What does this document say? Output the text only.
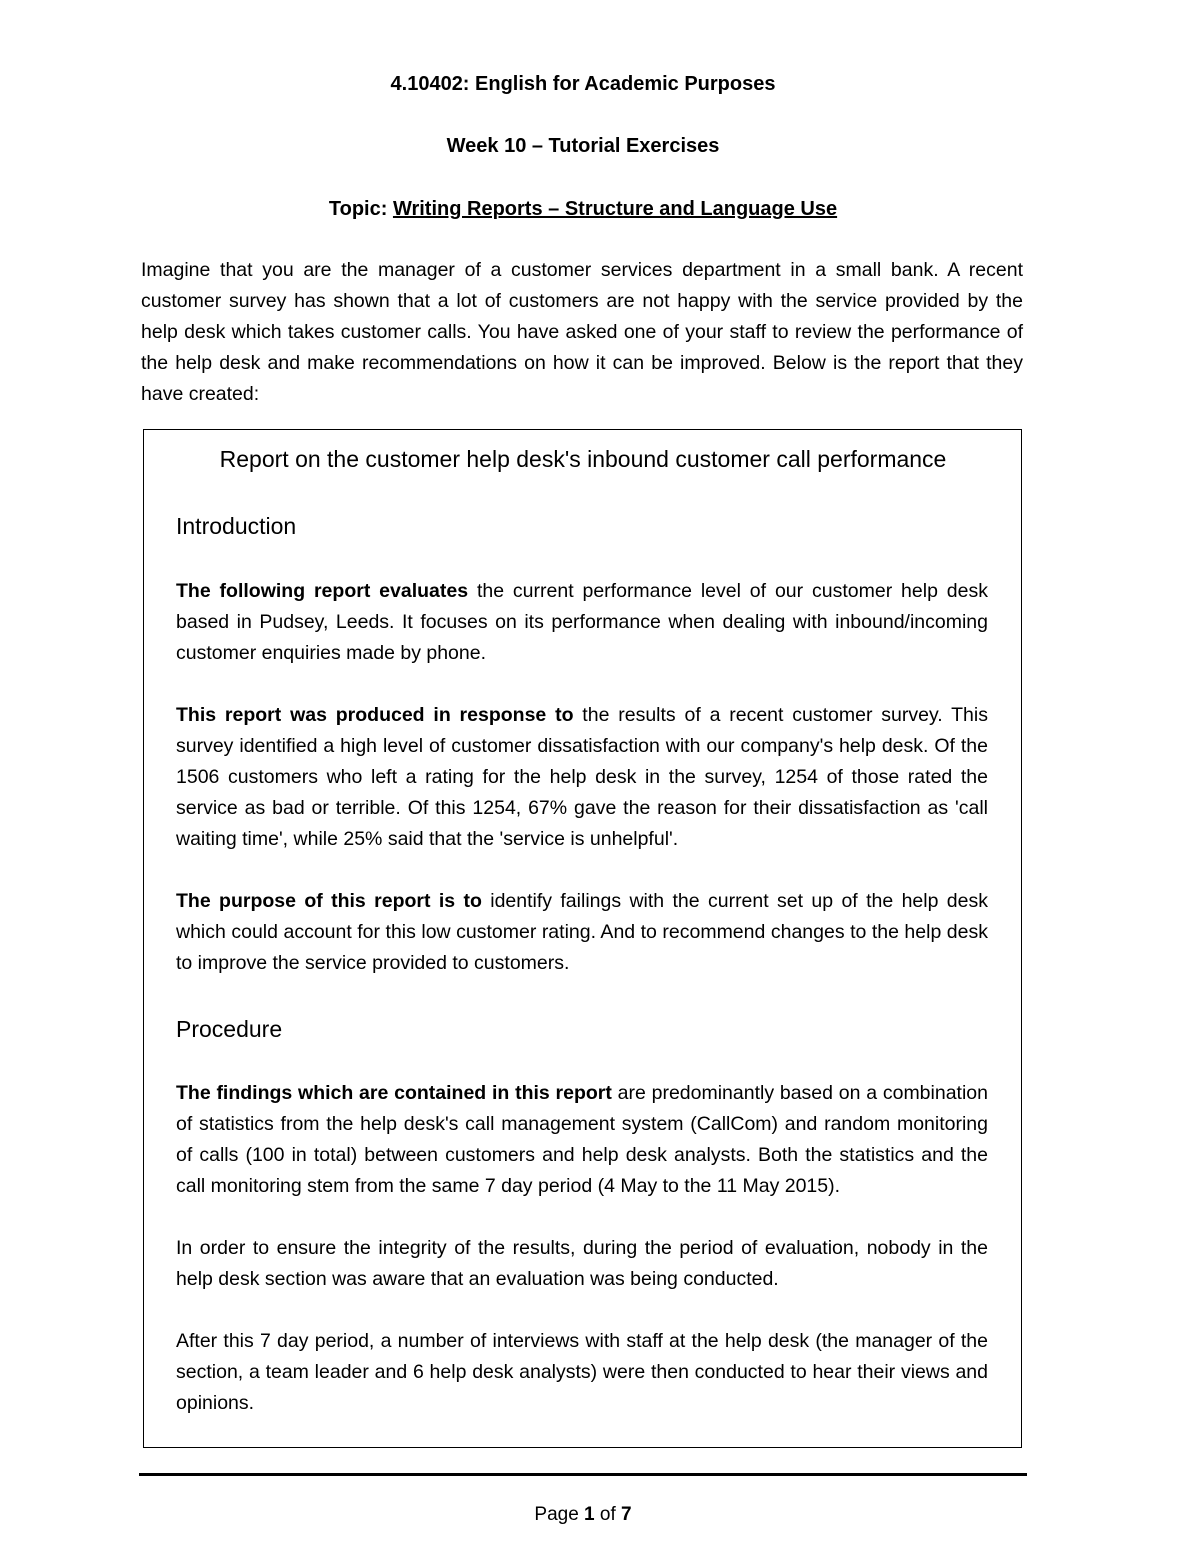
4.10402: English for Academic Purposes
Week 10 – Tutorial Exercises
Topic: Writing Reports – Structure and Language Use
Imagine that you are the manager of a customer services department in a small bank. A recent customer survey has shown that a lot of customers are not happy with the service provided by the help desk which takes customer calls. You have asked one of your staff to review the performance of the help desk and make recommendations on how it can be improved. Below is the report that they have created:
Report on the customer help desk's inbound customer call performance
Introduction
The following report evaluates the current performance level of our customer help desk based in Pudsey, Leeds. It focuses on its performance when dealing with inbound/incoming customer enquiries made by phone.
This report was produced in response to the results of a recent customer survey. This survey identified a high level of customer dissatisfaction with our company's help desk. Of the 1506 customers who left a rating for the help desk in the survey, 1254 of those rated the service as bad or terrible. Of this 1254, 67% gave the reason for their dissatisfaction as 'call waiting time', while 25% said that the 'service is unhelpful'.
The purpose of this report is to identify failings with the current set up of the help desk which could account for this low customer rating. And to recommend changes to the help desk to improve the service provided to customers.
Procedure
The findings which are contained in this report are predominantly based on a combination of statistics from the help desk's call management system (CallCom) and random monitoring of calls (100 in total) between customers and help desk analysts. Both the statistics and the call monitoring stem from the same 7 day period (4 May to the 11 May 2015).
In order to ensure the integrity of the results, during the period of evaluation, nobody in the help desk section was aware that an evaluation was being conducted.
After this 7 day period, a number of interviews with staff at the help desk (the manager of the section, a team leader and 6 help desk analysts) were then conducted to hear their views and opinions.
Page 1 of 7
